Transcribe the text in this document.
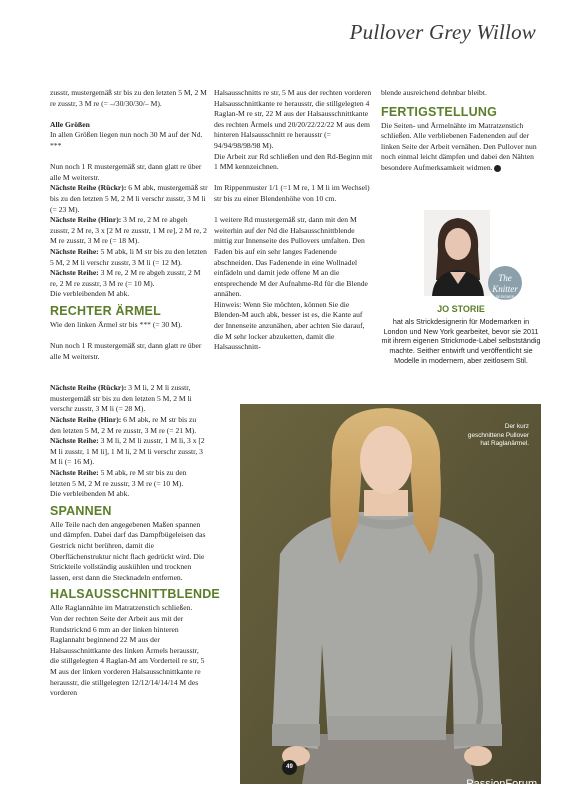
Pullover Grey Willow

zusstr, mustergemäß str bis zu den letzten 5 M, 2 M re zusstr, 3 M re (= –/30/30/30/– M).

Alle Größen

In allen Größen liegen nun noch 30 M auf der Nd. ***

Nun noch 1 R mustergemäß str, dann glatt re über alle M weiterstr.

Nächste Reihe (Rückr): 6 M abk, mustergemäß str bis zu den letzten 5 M, 2 M li verschr zusstr, 3 M li (= 23 M).

Nächste Reihe (Hinr): 3 M re, 2 M re abgeh zusstr, 2 M re, 3 x [2 M re zusstr, 1 M re], 2 M re, 2 M re zusstr, 3 M re (= 18 M).

Nächste Reihe: 5 M abk, li M str bis zu den letzten 5 M, 2 M li verschr zusstr, 3 M li (= 12 M).

Nächste Reihe: 3 M re, 2 M re abgeh zusstr, 2 M re, 2 M re zusstr, 3 M re (= 10 M).

Die verbleibenden M abk.

RECHTER ÄRMEL

Wie den linken Ärmel str bis *** (= 30 M).

Nun noch 1 R mustergemäß str, dann glatt re über alle M weiterstr.

Nächste Reihe (Rückr): 3 M li, 2 M li zusstr, mustergemäß str bis zu den letzten 5 M, 2 M li verschr zusstr, 3 M li (= 28 M).

Nächste Reihe (Hinr): 6 M abk, re M str bis zu den letzten 5 M, 2 M re zusstr, 3 M re (= 21 M).

Nächste Reihe: 3 M li, 2 M li zusstr, 1 M li, 3 x [2 M li zusstr, 1 M li], 1 M li, 2 M li verschr zusstr, 3 M li (= 16 M).

Nächste Reihe: 5 M abk, re M str bis zu den letzten 5 M, 2 M re zusstr, 3 M re (= 10 M).

Die verbleibenden M abk.

SPANNEN

Alle Teile nach den angegebenen Maßen spannen und dämpfen. Dabei darf das Dampfbügeleisen das Gestrick nicht berühren, damit die Oberflächenstruktur nicht flach gedrückt wird. Die Strickteile vollständig auskühlen und trocknen lassen, erst dann die Stecknadeln entfernen.

HALSAUSSCHNITTBLENDE

Alle Raglannähte im Matratzenstich schließen.

Von der rechten Seite der Arbeit aus mit der Rundstricknd 6 mm an der linken hinteren Raglannaht beginnend 22 M aus der Halsausschnittkante des linken Ärmels herausstr, die stillgelegten 4 Raglan-M am Vorderteil re str, 5 M aus der linken vorderen Halsausschnittkante re herausstr, die stillgelegten 12/12/14/14/14 M des vorderen

Halsausschnitts re str, 5 M aus der rechten vorderen Halsausschnittkante re herausstr, die stillgelegten 4 Raglan-M re str, 22 M aus der Halsausschnittkante des rechten Ärmels und 20/20/22/22/22 M aus dem hinteren Halsausschnitt re herausstr (= 94/94/98/98/98 M).

Die Arbeit zur Rd schließen und den Rd-Beginn mit 1 MM kennzeichnen.

Im Rippenmuster 1/1 (=1 M re, 1 M li im Wechsel) str bis zu einer Blendenhöhe von 10 cm.

1 weitere Rd mustergemäß str, dann mit den M weiterhin auf der Nd die Halsausschnittblende mittig zur Innenseite des Pullovers umfalten. Den Faden bis auf ein sehr langes Fadenende abschneiden. Das Fadenende in eine Wollnadel einfädeln und damit jede offene M an die entsprechende M der Aufnahme-Rd für die Blende annähen.

Hinweis: Wenn Sie möchten, können Sie die Blenden-M auch abk, besser ist es, die Kante auf der Innenseite anzunähen, aber achten Sie darauf, die M sehr locker abzuketten, damit die Halsausschnitt-

blende ausreichend dehnbar bleibt.

FERTIGSTELLUNG

Die Seiten- und Ärmelnähte im Matratzenstich schließen. Alle verbliebenen Fadenenden auf der linken Seite der Arbeit vernähen. Den Pullover nun noch einmal leicht dämpfen und dabei den Nähten besondere Aufmerksamkeit widmen.

The Knitter
DESIGNER PORTRAIT
JO STORIE
hat als Strickdesignerin für Modemarken in London und New York gearbeitet, bevor sie 2011 mit ihrem eigenen Strickmode-Label selbstständig machte. Seither entwirft und veröffentlicht sie Modelle in modernem, aber zeitlosem Stil.
Der kurz geschnittene Pullover hat Raglanärmel.
49
PassionForum.ru
